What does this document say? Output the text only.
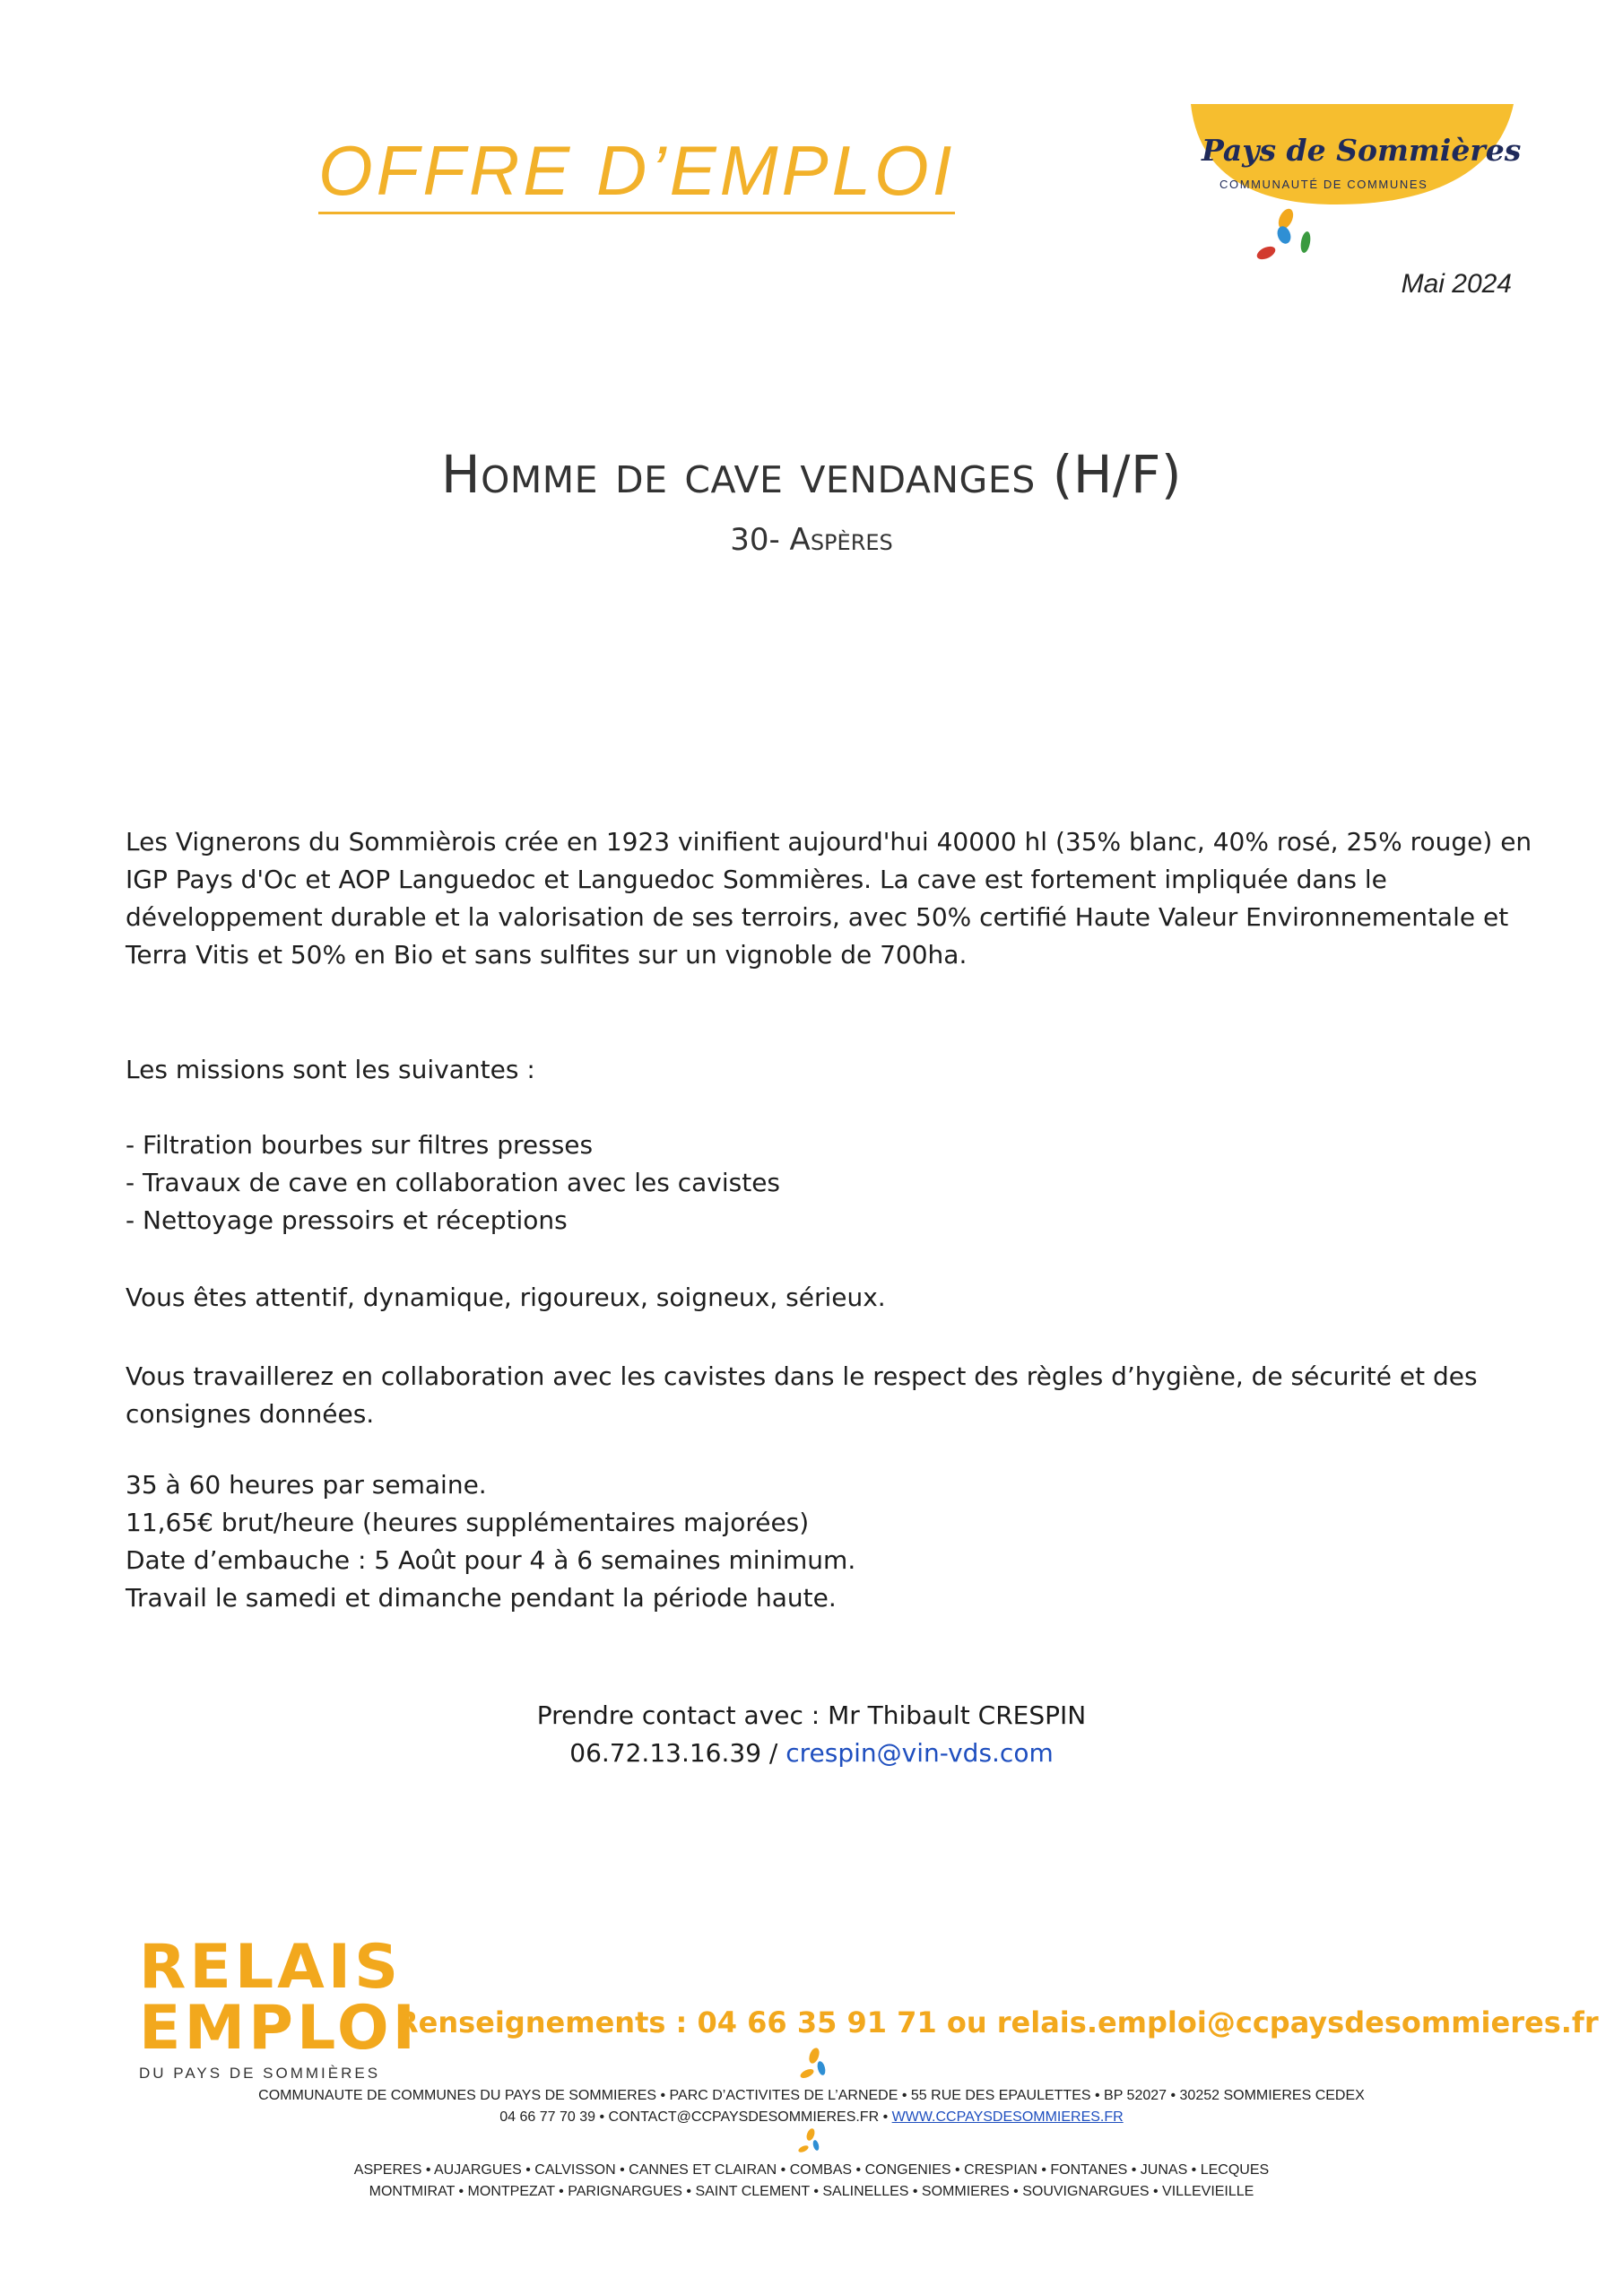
OFFRE D’EMPLOI	Pays de Sommières
COMMUNAUTÉ DE COMMUNES
Mai 2024
Homme de cave vendanges (H/F)
30- Aspères
Les Vignerons du Sommièrois crée en 1923 vinifient aujourd'hui 40000 hl (35% blanc, 40% rosé, 25% rouge) en
IGP Pays d'Oc et AOP Languedoc et Languedoc Sommières. La cave est fortement impliquée dans le
développement durable et la valorisation de ses terroirs, avec 50% certifié Haute Valeur Environnementale et
Terra Vitis et 50% en Bio et sans sulfites sur un vignoble de 700ha.
Les missions sont les suivantes :
- Filtration bourbes sur filtres presses
- Travaux de cave en collaboration avec les cavistes
- Nettoyage pressoirs et réceptions
Vous êtes attentif, dynamique, rigoureux, soigneux, sérieux.
Vous travaillerez en collaboration avec les cavistes dans le respect des règles d’hygiène, de sécurité et des
consignes données.
35 à 60 heures par semaine.
11,65€ brut/heure (heures supplémentaires majorées)
Date d’embauche : 5 Août pour 4 à 6 semaines minimum.
Travail le samedi et dimanche pendant la période haute.
Prendre contact avec : Mr Thibault CRESPIN
06.72.13.16.39 / crespin@vin-vds.com
RELAIS
EMPLOI
DU PAYS DE SOMMIÈRES
Renseignements : 04 66 35 91 71 ou relais.emploi@ccpaysdesommieres.fr
COMMUNAUTE DE COMMUNES DU PAYS DE SOMMIERES • PARC D’ACTIVITES DE L’ARNEDE • 55 RUE DES EPAULETTES • BP 52027 • 30252 SOMMIERES CEDEX
04 66 77 70 39 • CONTACT@CCPAYSDESOMMIERES.FR • WWW.CCPAYSDESOMMIERES.FR
ASPERES • AUJARGUES • CALVISSON • CANNES ET CLAIRAN • COMBAS • CONGENIES • CRESPIAN • FONTANES • JUNAS • LECQUES
MONTMIRAT • MONTPEZAT • PARIGNARGUES • SAINT CLEMENT • SALINELLES • SOMMIERES • SOUVIGNARGUES • VILLEVIEILLE
